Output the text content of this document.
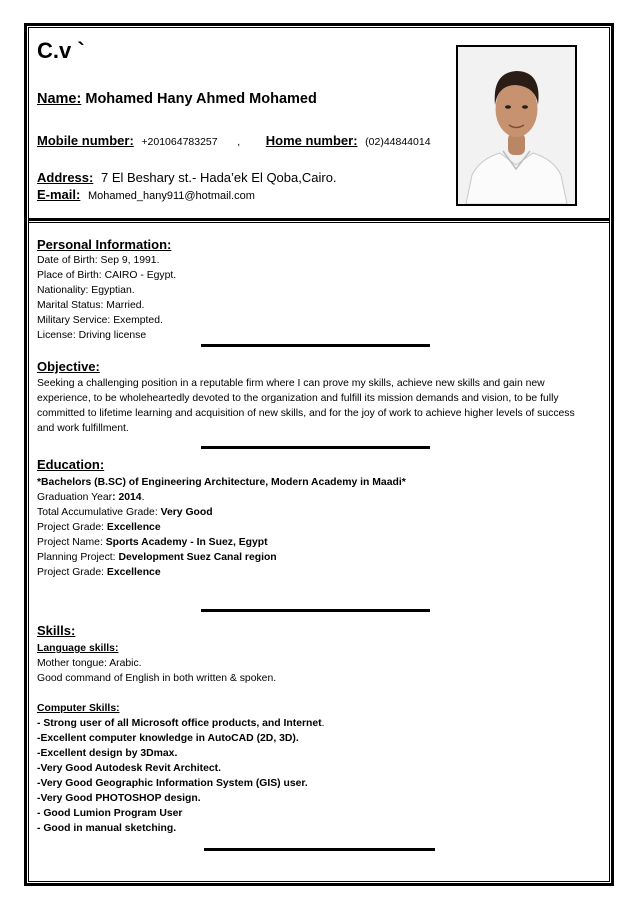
C.v `
Name: Mohamed Hany Ahmed Mohamed
Mobile number: +201064783257 , Home number: (02)44844014
Address: 7 El Beshary st.- Hada’ek El Qoba,Cairo.
E-mail: Mohamed_hany911@hotmail.com
Personal Information:
Date of Birth: Sep 9, 1991.
Place of Birth: CAIRO - Egypt.
Nationality: Egyptian.
Marital Status: Married.
Military Service: Exempted.
License: Driving license
Objective:
Seeking a challenging position in a reputable firm where I can prove my skills, achieve new skills and gain new experience, to be wholeheartedly devoted to the organization and fulfill its mission demands and vision, to be fully committed to lifetime learning and acquisition of new skills, and for the joy of work to achieve higher levels of success and work fulfillment.
Education:
*Bachelors (B.SC) of Engineering Architecture, Modern Academy in Maadi*
Graduation Year: 2014.
Total Accumulative Grade: Very Good
Project Grade: Excellence
Project Name: Sports Academy - In Suez, Egypt
Planning Project: Development Suez Canal region
Project Grade: Excellence
Skills:
Language skills:
Mother tongue: Arabic.
Good command of English in both written & spoken.
Computer Skills:
- Strong user of all Microsoft office products, and Internet.
-Excellent computer knowledge in AutoCAD (2D, 3D).
-Excellent design by 3Dmax.
-Very Good Autodesk Revit Architect.
-Very Good Geographic Information System (GIS) user.
-Very Good PHOTOSHOP design.
- Good Lumion Program User
- Good in manual sketching.
